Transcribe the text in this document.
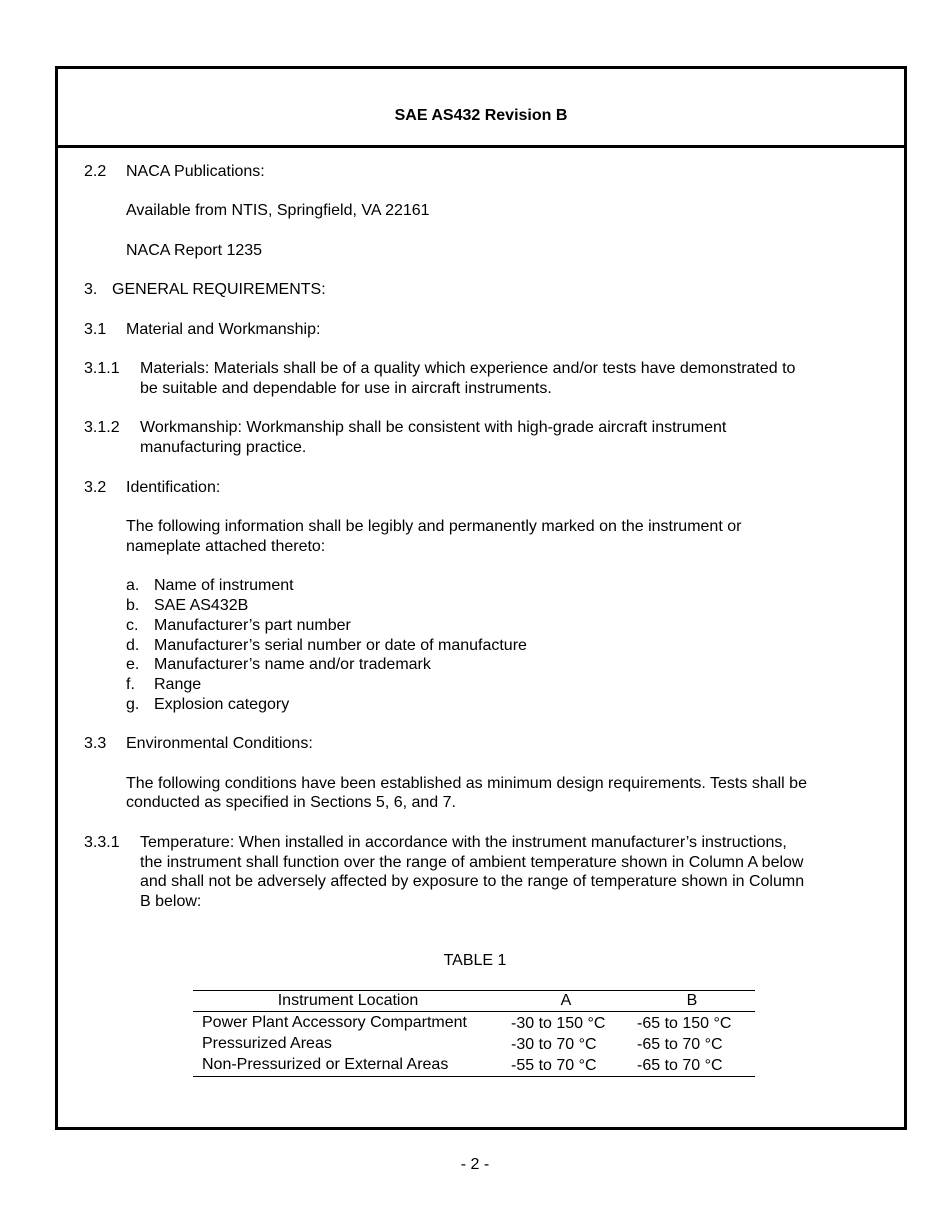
SAE AS432 Revision B
2.2 NACA Publications:
Available from NTIS, Springfield, VA 22161
NACA Report 1235
3. GENERAL REQUIREMENTS:
3.1 Material and Workmanship:
3.1.1 Materials: Materials shall be of a quality which experience and/or tests have demonstrated to
be suitable and dependable for use in aircraft instruments.
3.1.2 Workmanship: Workmanship shall be consistent with high-grade aircraft instrument
manufacturing practice.
3.2 Identification:
The following information shall be legibly and permanently marked on the instrument or
nameplate attached thereto:
a. Name of instrument
b. SAE AS432B
c. Manufacturer’s part number
d. Manufacturer’s serial number or date of manufacture
e. Manufacturer’s name and/or trademark
f. Range
g. Explosion category
3.3 Environmental Conditions:
The following conditions have been established as minimum design requirements. Tests shall be
conducted as specified in Sections 5, 6, and 7.
3.3.1 Temperature: When installed in accordance with the instrument manufacturer’s instructions,
the instrument shall function over the range of ambient temperature shown in Column A below
and shall not be adversely affected by exposure to the range of temperature shown in Column
B below:
TABLE 1
Instrument Location	A	B
Power Plant Accessory Compartment	-30 to 150 °C -65 to 150 °C
Pressurized Areas	-30 to 70 °C	-65 to 70 °C
Non-Pressurized or External Areas	-55 to 70 °C	-65 to 70 °C
- 2 -
